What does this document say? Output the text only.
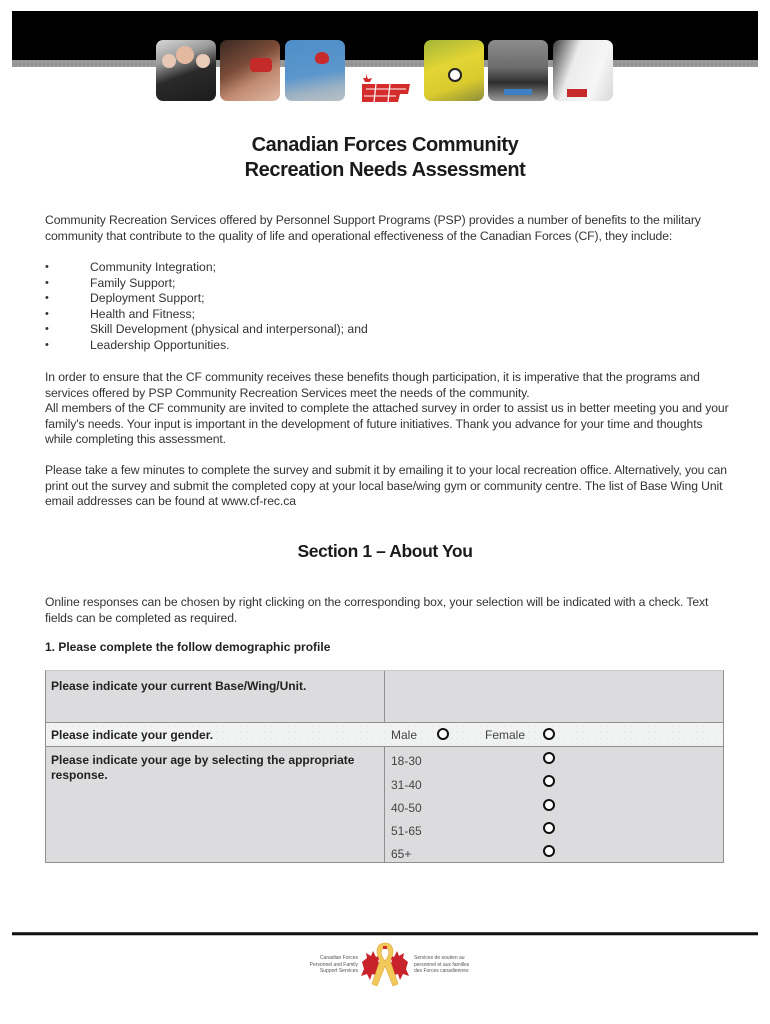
Canadian Forces Community
Recreation Needs Assessment

Community Recreation Services offered by Personnel Support Programs (PSP) provides a number of benefits to the military community that contribute to the quality of life and operational effectiveness of the Canadian Forces (CF), they include:

•	Community Integration;
•	Family Support;
•	Deployment Support;
•	Health and Fitness;
•	Skill Development (physical and interpersonal); and
•	Leadership Opportunities.

In order to ensure that the CF community receives these benefits though participation, it is imperative that the programs and services offered by PSP Community Recreation Services meet the needs of the community.

All members of the CF community are invited to complete the attached survey in order to assist us in better meeting you and your family's needs. Your input is important in the development of future initiatives. Thank you advance for your time and thoughts while completing this assessment.

Please take a few minutes to complete the survey and submit it by emailing it to your local recreation office. Alternatively, you can print out the survey and submit the completed copy at your local base/wing gym or community centre. The list of Base Wing Unit email addresses can be found at www.cf-rec.ca

Section 1 – About You

Online responses can be chosen by right clicking on the corresponding box, your selection will be indicated with a check. Text fields can be completed as required.

1. Please complete the follow demographic profile
Please indicate your current Base/Wing/Unit.
Please indicate your gender.	Male	Female
Please indicate your age by selecting the appropriate response.
18-30
31-40
40-50
51-65
65+
Canadian Forces
Personnel and Family
Support Services
Services de soutien au
personnel et aux familles
des Forces canadiennes
